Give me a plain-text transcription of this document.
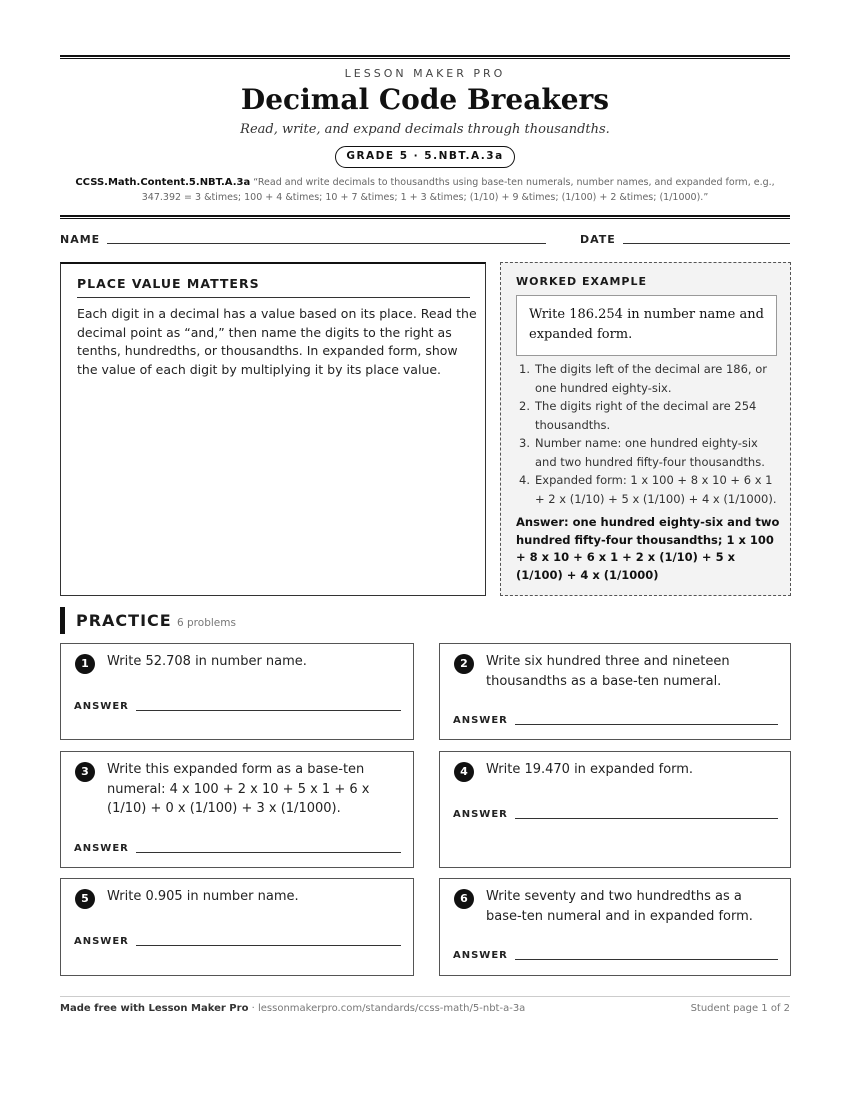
LESSON MAKER PRO
Decimal Code Breakers
Read, write, and expand decimals through thousandths.
GRADE 5 · 5.NBT.A.3a
CCSS.Math.Content.5.NBT.A.3a “Read and write decimals to thousandths using base-ten numerals, number names, and expanded form, e.g., 347.392 = 3 &times; 100 + 4 &times; 10 + 7 &times; 1 + 3 &times; (1/10) + 9 &times; (1/100) + 2 &times; (1/1000).”
NAME	DATE
PLACE VALUE MATTERS
Each digit in a decimal has a value based on its place. Read the decimal point as “and,” then name the digits to the right as tenths, hundredths, or thousandths. In expanded form, show the value of each digit by multiplying it by its place value.
WORKED EXAMPLE
Write 186.254 in number name and expanded form.
1. The digits left of the decimal are 186, or one hundred eighty-six.
2. The digits right of the decimal are 254 thousandths.
3. Number name: one hundred eighty-six and two hundred fifty-four thousandths.
4. Expanded form: 1 x 100 + 8 x 10 + 6 x 1 + 2 x (1/10) + 5 x (1/100) + 4 x (1/1000).
Answer: one hundred eighty-six and two hundred fifty-four thousandths; 1 x 100 + 8 x 10 + 6 x 1 + 2 x (1/10) + 5 x (1/100) + 4 x (1/1000)
PRACTICE 6 problems
1	Write 52.708 in number name.
ANSWER
2	Write six hundred three and nineteen thousandths as a base-ten numeral.
ANSWER
3	Write this expanded form as a base-ten numeral: 4 x 100 + 2 x 10 + 5 x 1 + 6 x (1/10) + 0 x (1/100) + 3 x (1/1000).
ANSWER
4	Write 19.470 in expanded form.
ANSWER
5	Write 0.905 in number name.
ANSWER
6	Write seventy and two hundredths as a base-ten numeral and in expanded form.
ANSWER
Made free with Lesson Maker Pro · lessonmakerpro.com/standards/ccss-math/5-nbt-a-3a	Student page 1 of 2
